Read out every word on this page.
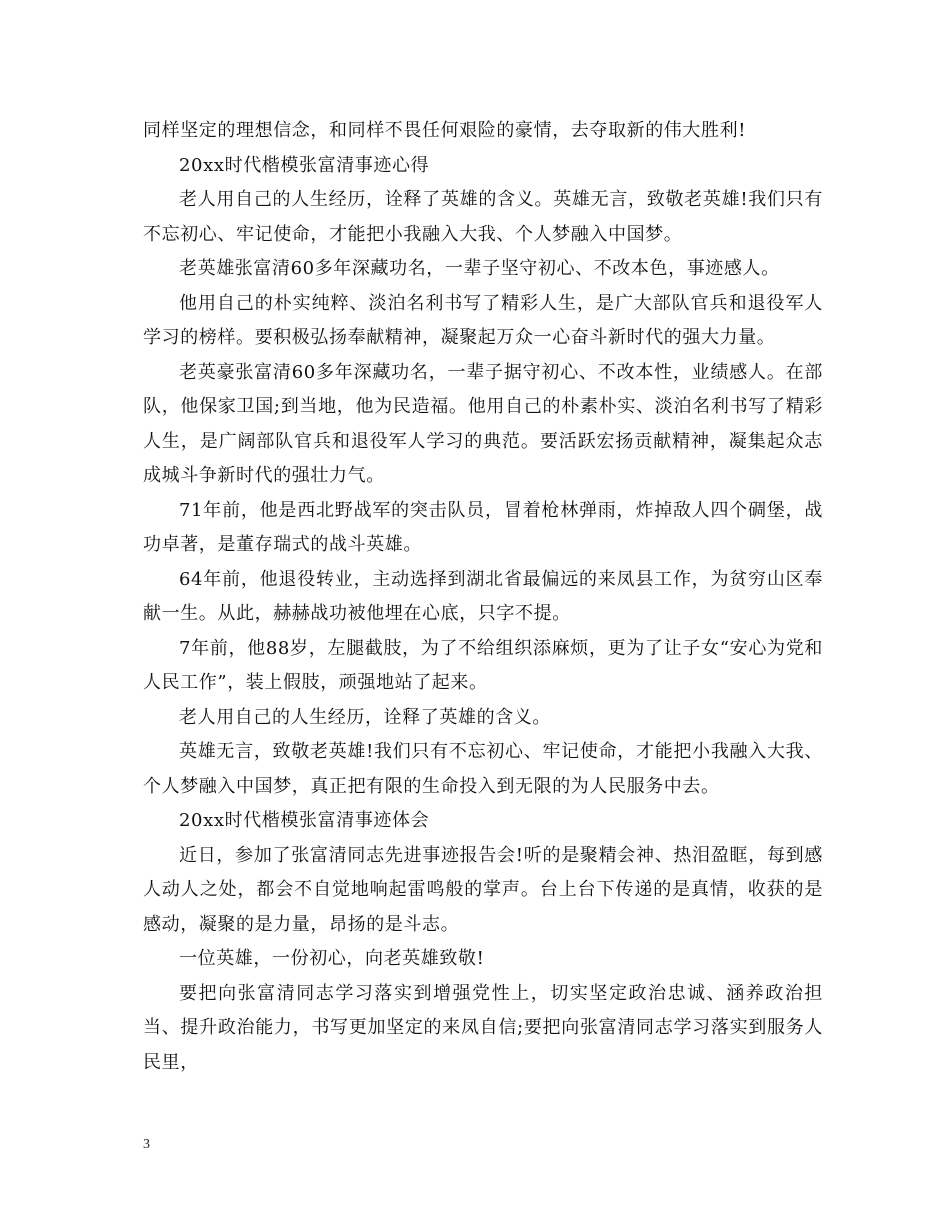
同样坚定的理想信念，和同样不畏任何艰险的豪情，去夺取新的伟大胜利!

20xx时代楷模张富清事迹心得

老人用自己的人生经历，诠释了英雄的含义。英雄无言，致敬老英雄!我们只有不忘初心、牢记使命，才能把小我融入大我、个人梦融入中国梦。

老英雄张富清60多年深藏功名，一辈子坚守初心、不改本色，事迹感人。

他用自己的朴实纯粹、淡泊名利书写了精彩人生，是广大部队官兵和退役军人学习的榜样。要积极弘扬奉献精神，凝聚起万众一心奋斗新时代的强大力量。

老英豪张富清60多年深藏功名，一辈子据守初心、不改本性，业绩感人。在部队，他保家卫国;到当地，他为民造福。他用自己的朴素朴实、淡泊名利书写了精彩人生，是广阔部队官兵和退役军人学习的典范。要活跃宏扬贡献精神，凝集起众志成城斗争新时代的强壮力气。

71年前，他是西北野战军的突击队员，冒着枪林弹雨，炸掉敌人四个碉堡，战功卓著，是董存瑞式的战斗英雄。

64年前，他退役转业，主动选择到湖北省最偏远的来凤县工作，为贫穷山区奉献一生。从此，赫赫战功被他埋在心底，只字不提。

7年前，他88岁，左腿截肢，为了不给组织添麻烦，更为了让子女“安心为党和人民工作”，装上假肢，顽强地站了起来。

老人用自己的人生经历，诠释了英雄的含义。

英雄无言，致敬老英雄!我们只有不忘初心、牢记使命，才能把小我融入大我、个人梦融入中国梦，真正把有限的生命投入到无限的为人民服务中去。

20xx时代楷模张富清事迹体会

近日，参加了张富清同志先进事迹报告会!听的是聚精会神、热泪盈眶，每到感人动人之处，都会不自觉地响起雷鸣般的掌声。台上台下传递的是真情，收获的是感动，凝聚的是力量，昂扬的是斗志。

一位英雄，一份初心，向老英雄致敬!

要把向张富清同志学习落实到增强党性上，切实坚定政治忠诚、涵养政治担当、提升政治能力，书写更加坚定的来凤自信;要把向张富清同志学习落实到服务人民里，

3
